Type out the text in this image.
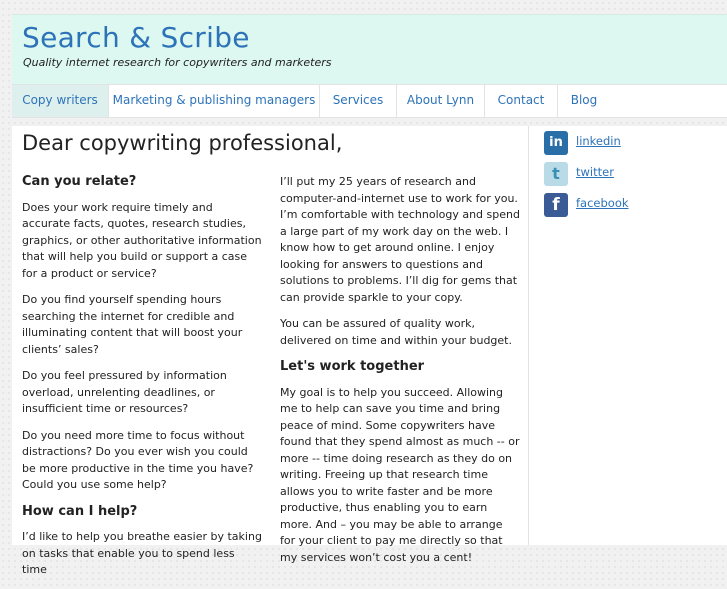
Search & Scribe
Quality internet research for copywriters and marketers
Copy writers	Marketing & publishing managers	Services	About Lynn	Contact	Blog
Dear copywriting professional,
Can you relate?

Does your work require timely and accurate facts, quotes, research studies, graphics, or other authoritative information that will help you build or support a case for a product or service?

Do you find yourself spending hours searching the internet for credible and illuminating content that will boost your clients’ sales?

Do you feel pressured by information overload, unrelenting deadlines, or insufficient time or resources?

Do you need more time to focus without distractions? Do you ever wish you could be more productive in the time you have? Could you use some help?

How can I help?

I’d like to help you breathe easier by taking on tasks that enable you to spend less time

I’ll put my 25 years of research and computer-and-internet use to work for you. I’m comfortable with technology and spend a large part of my work day on the web. I know how to get around online. I enjoy looking for answers to questions and solutions to problems. I’ll dig for gems that can provide sparkle to your copy.

You can be assured of quality work, delivered on time and within your budget.

Let's work together

My goal is to help you succeed. Allowing me to help can save you time and bring peace of mind. Some copywriters have found that they spend almost as much -- or more -- time doing research as they do on writing. Freeing up that research time allows you to write faster and be more productive, thus enabling you to earn more. And – you may be able to arrange for your client to pay me directly so that my services won’t cost you a cent!

in	linkedin
t	twitter
f	facebook
